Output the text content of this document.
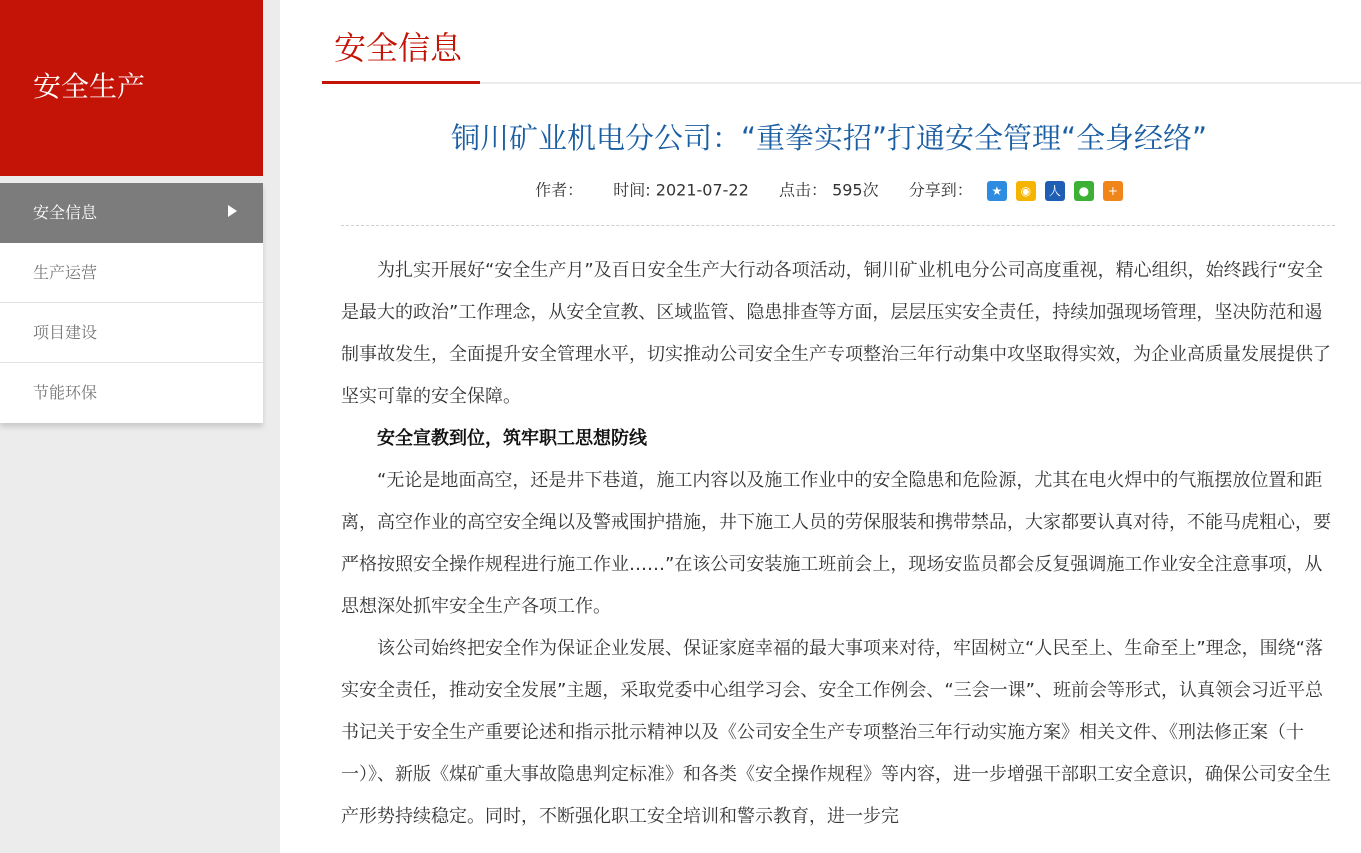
安全生产
安全信息
生产运营
项目建设
节能环保
安全信息
铜川矿业机电分公司：“重拳实招”打通安全管理“全身经络”
作者： 时间: 2021-07-22 点击： 595次 分享到： ★ ◉ 人 ● +

为扎实开展好“安全生产月”及百日安全生产大行动各项活动，铜川矿业机电分公司高度重视，精心组织，始终践行“安全是最大的政治”工作理念，从安全宣教、区域监管、隐患排查等方面，层层压实安全责任，持续加强现场管理，坚决防范和遏制事故发生，全面提升安全管理水平，切实推动公司安全生产专项整治三年行动集中攻坚取得实效，为企业高质量发展提供了坚实可靠的安全保障。

安全宣教到位，筑牢职工思想防线

“无论是地面高空，还是井下巷道，施工内容以及施工作业中的安全隐患和危险源，尤其在电火焊中的气瓶摆放位置和距离，高空作业的高空安全绳以及警戒围护措施，井下施工人员的劳保服装和携带禁品，大家都要认真对待，不能马虎粗心，要严格按照安全操作规程进行施工作业……”在该公司安装施工班前会上，现场安监员都会反复强调施工作业安全注意事项，从思想深处抓牢安全生产各项工作。

该公司始终把安全作为保证企业发展、保证家庭幸福的最大事项来对待，牢固树立“人民至上、生命至上”理念，围绕“落实安全责任，推动安全发展”主题，采取党委中心组学习会、安全工作例会、“三会一课”、班前会等形式，认真领会习近平总书记关于安全生产重要论述和指示批示精神以及《公司安全生产专项整治三年行动实施方案》相关文件、《刑法修正案（十一）》、新版《煤矿重大事故隐患判定标准》和各类《安全操作规程》等内容，进一步增强干部职工安全意识，确保公司安全生产形势持续稳定。同时，不断强化职工安全培训和警示教育，进一步完
